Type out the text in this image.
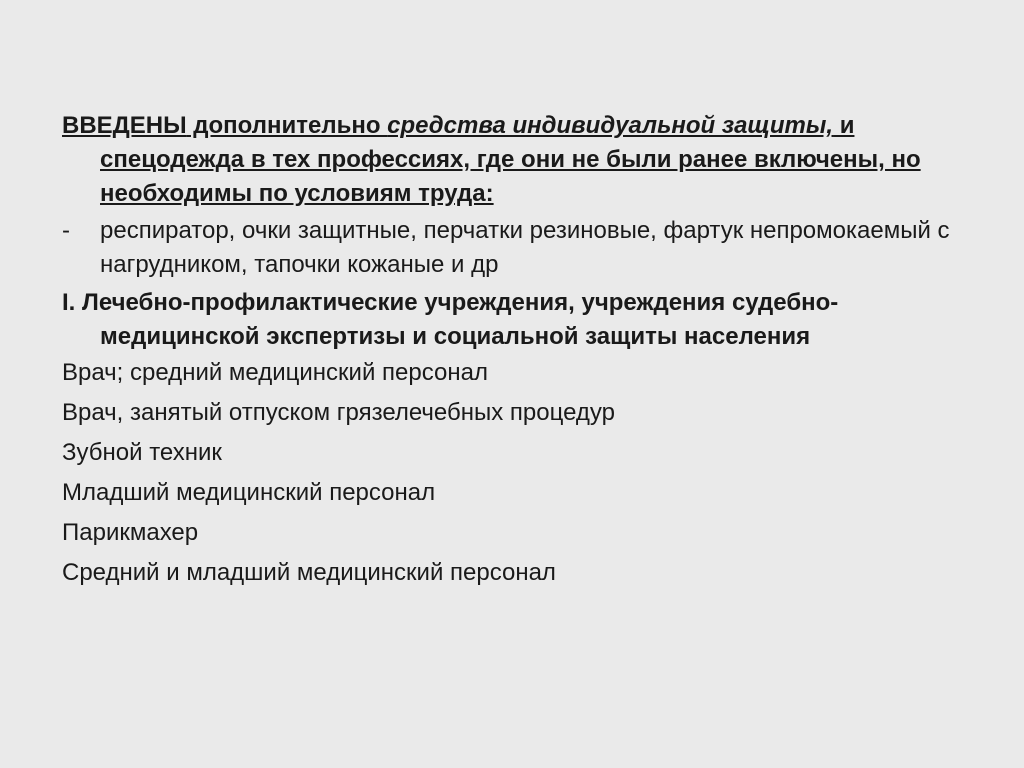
ВВЕДЕНЫ дополнительно средства индивидуальной защиты, и спецодежда в тех профессиях, где они не были ранее включены, но необходимы по условиям труда:

-	респиратор, очки защитные, перчатки резиновые, фартук непромокаемый с нагрудником, тапочки кожаные и др

I. Лечебно-профилактические учреждения, учреждения судебно-медицинской экспертизы и социальной защиты населения

Врач; средний медицинский персонал

Врач, занятый отпуском грязелечебных процедур

Зубной техник

Младший медицинский персонал

Парикмахер

Средний и младший медицинский персонал
